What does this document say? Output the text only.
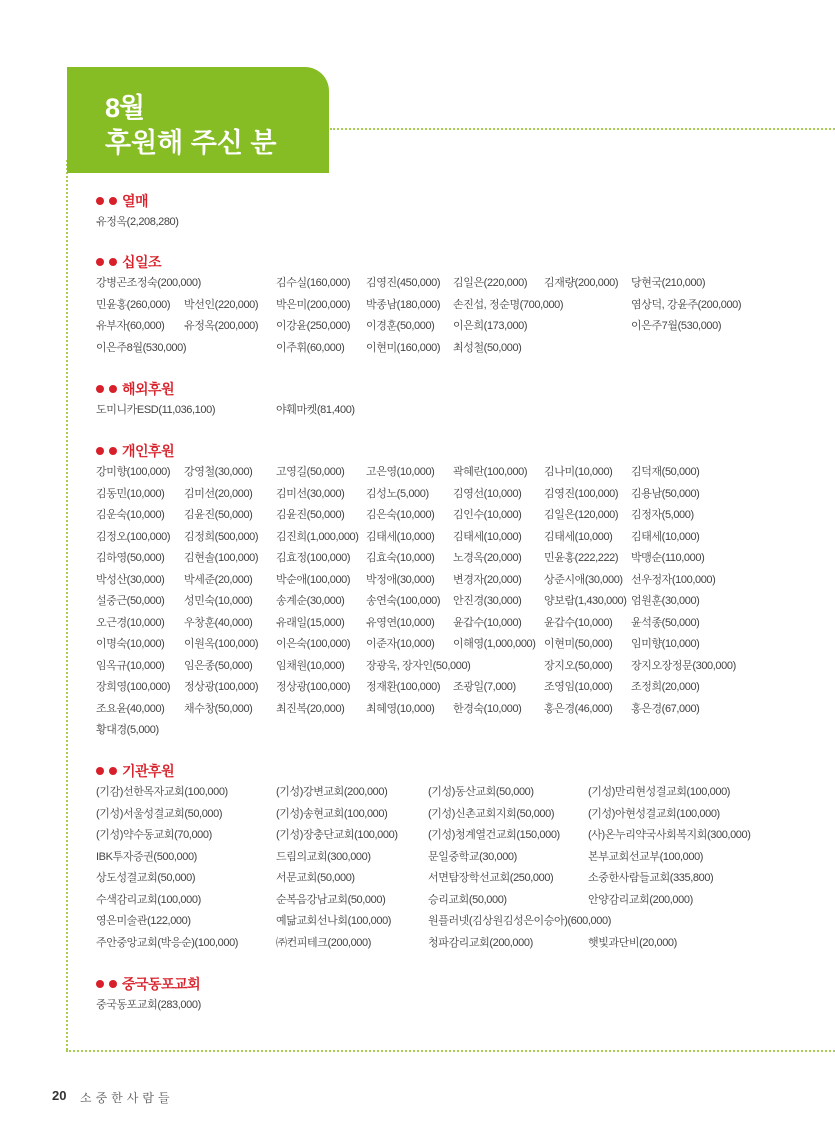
8월
후원해 주신 분
열매
유정옥(2,208,280)
십일조
강병곤조정숙(200,000)	김수실(160,000) 김영진(450,000) 김일은(220,000) 김재량(200,000) 당현국(210,000)
민윤홍(260,000) 박선인(220,000) 박은미(200,000) 박종남(180,000) 손진섭, 정순명(700,000)	염상덕, 강윤주(200,000)
유부자(60,000) 유정옥(200,000) 이강윤(250,000) 이경훈(50,000) 이은희(173,000)	이은주7월(530,000)
이은주8월(530,000)	이주휘(60,000) 이현미(160,000) 최성철(50,000)
해외후원
도미니카ESD(11,036,100)	야훼마켓(81,400)
개인후원
강미향(100,000) 강영철(30,000) 고영길(50,000) 고은영(10,000) 곽혜란(100,000) 김나미(10,000) 김덕재(50,000)
김동민(10,000) 김미선(20,000) 김미선(30,000) 김성노(5,000) 김영선(10,000) 김영진(100,000) 김용남(50,000)
김운숙(10,000) 김윤진(50,000) 김윤진(50,000) 김은숙(10,000) 김인수(10,000) 김일은(120,000) 김정자(5,000)
김정오(100,000) 김정희(500,000) 김진희(1,000,000) 김태세(10,000) 김태세(10,000) 김태세(10,000) 김태세(10,000)
김하영(50,000) 김현솔(100,000) 김효정(100,000) 김효숙(10,000) 노경옥(20,000) 민윤홍(222,222) 박맹순(110,000)
박성산(30,000) 박세준(20,000) 박순애(100,000) 박정애(30,000) 변경자(20,000) 상준시애(30,000) 선우정자(100,000)
설중근(50,000) 성민숙(10,000) 송계순(30,000) 송연숙(100,000) 안진경(30,000) 양보람(1,430,000) 엄원훈(30,000)
오근경(10,000) 우창훈(40,000) 유래일(15,000) 유영연(10,000) 윤갑수(10,000) 윤갑수(10,000) 윤석종(50,000)
이명숙(10,000) 이원옥(100,000) 이은숙(100,000) 이준자(10,000) 이해영(1,000,000) 이현미(50,000) 임미향(10,000)
임옥규(10,000) 임은종(50,000) 임채원(10,000) 장광욱, 장자인(50,000)	장지오(50,000) 장지오장정문(300,000)
장희영(100,000) 정상광(100,000) 정상광(100,000) 정재환(100,000) 조광일(7,000)	조영임(10,000) 조정희(20,000)
조요윤(40,000) 채수창(50,000) 최진복(20,000) 최혜영(10,000) 한경숙(10,000) 홍은경(46,000) 홍은경(67,000)
황대경(5,000)
기관후원
(기감)선한목자교회(100,000)	(기성)강변교회(200,000)	(기성)동산교회(50,000)	(기성)만리현성결교회(100,000)
(기성)서울성결교회(50,000)	(기성)송현교회(100,000)	(기성)신촌교회지회(50,000)	(기성)아현성결교회(100,000)
(기성)약수동교회(70,000)	(기성)장충단교회(100,000)	(기성)청계열건교회(150,000)	(사)온누리약국사회복지회(300,000)
IBK투자증권(500,000)	드림의교회(300,000)	문일중학교(30,000)	본부교회선교부(100,000)
상도성결교회(50,000)	서문교회(50,000)	서면탐장학선교회(250,000)	소중한사람들교회(335,800)
수색감리교회(100,000)	순복음강남교회(50,000)	승리교회(50,000)	안양감리교회(200,000)
영은미술관(122,000)	예닮교회선나회(100,000)	원플러넷(김상원김성은이승아)(600,000)
주안중앙교회(박응순)(100,000)	㈜컨피테크(200,000)	청파감리교회(200,000)	햇빛과단비(20,000)
중국동포교회
중국동포교회(283,000)
20 소중한사람들
